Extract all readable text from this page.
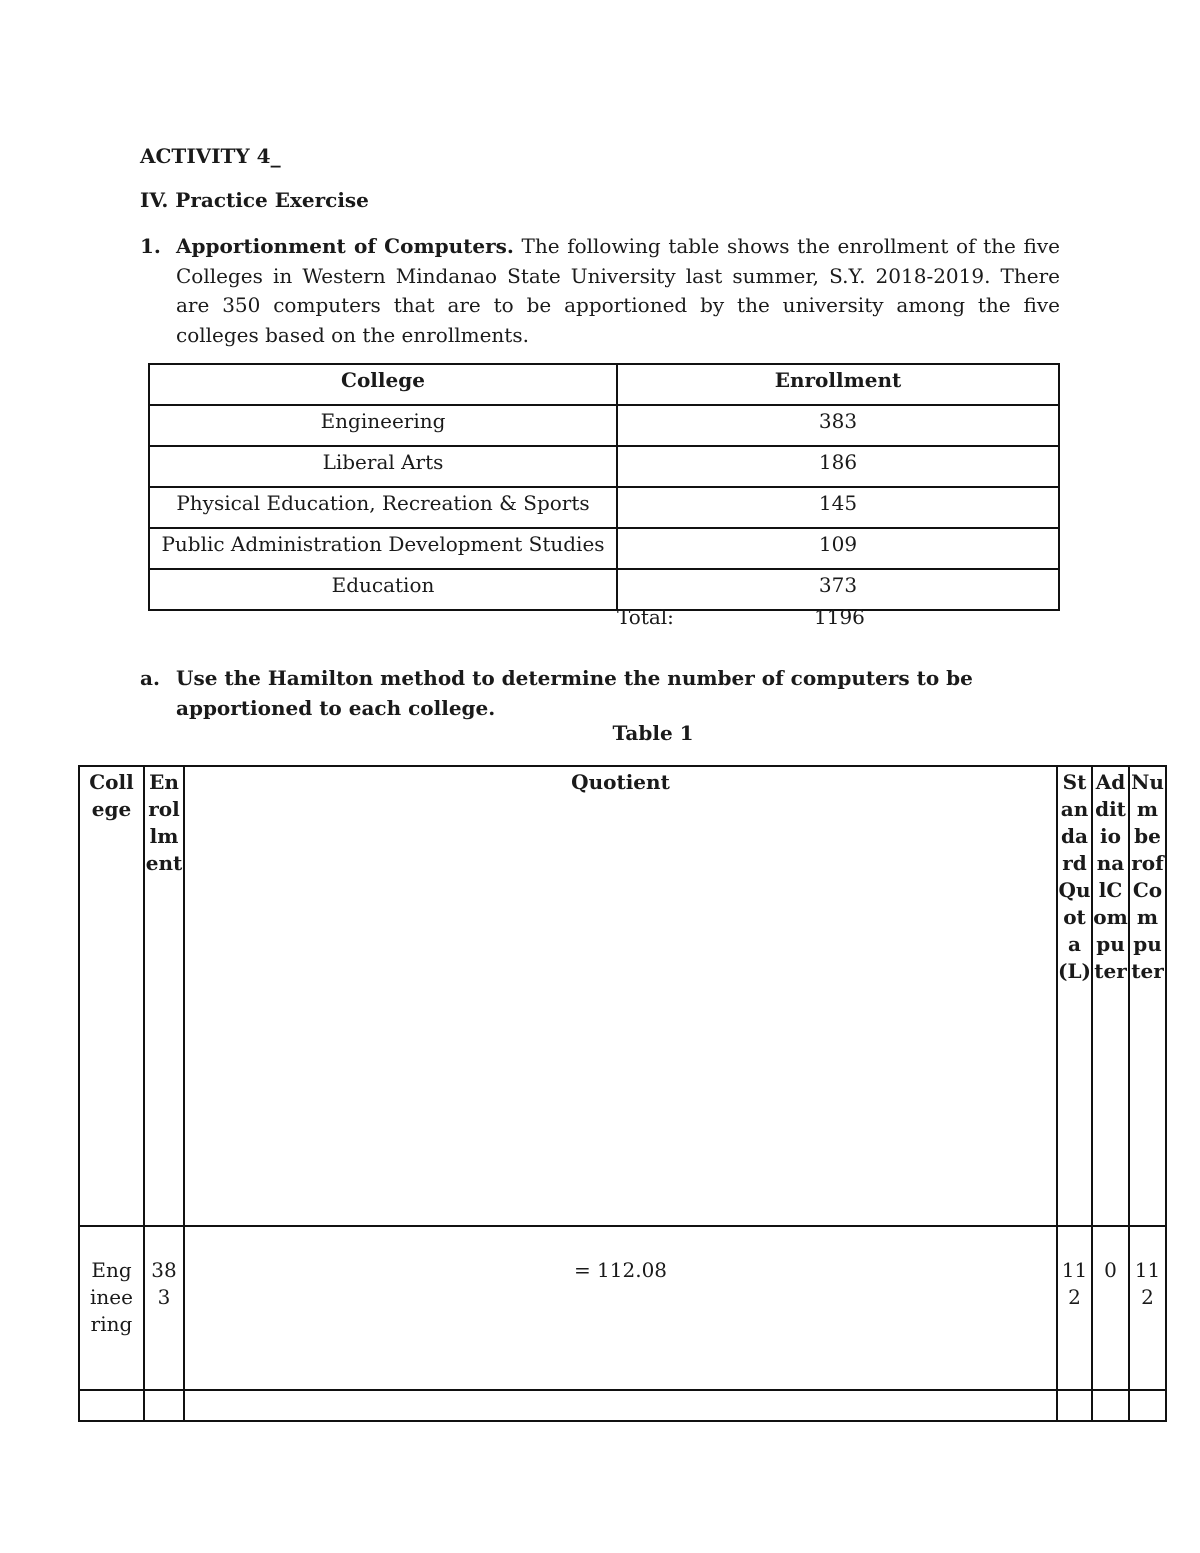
ACTIVITY 4_
IV. Practice Exercise
1. Apportionment of Computers. The following table shows the enrollment of the five Colleges in Western Mindanao State University last summer, S.Y. 2018-2019. There are 350 computers that are to be apportioned by the university among the five colleges based on the enrollments.
College	Enrollment
Engineering	383
Liberal Arts	186
Physical Education, Recreation & Sports	145
Public Administration Development Studies	109
Education	373
Total:	1196
a. Use the Hamilton method to determine the number of computers to be apportioned to each college.
Table 1
Coll ege	Enrollment	Quotient	Standard Quota(L)	AdditionalComputer	NumberofComputer

Eng inee ring	383	= 112.08	112	0	112
